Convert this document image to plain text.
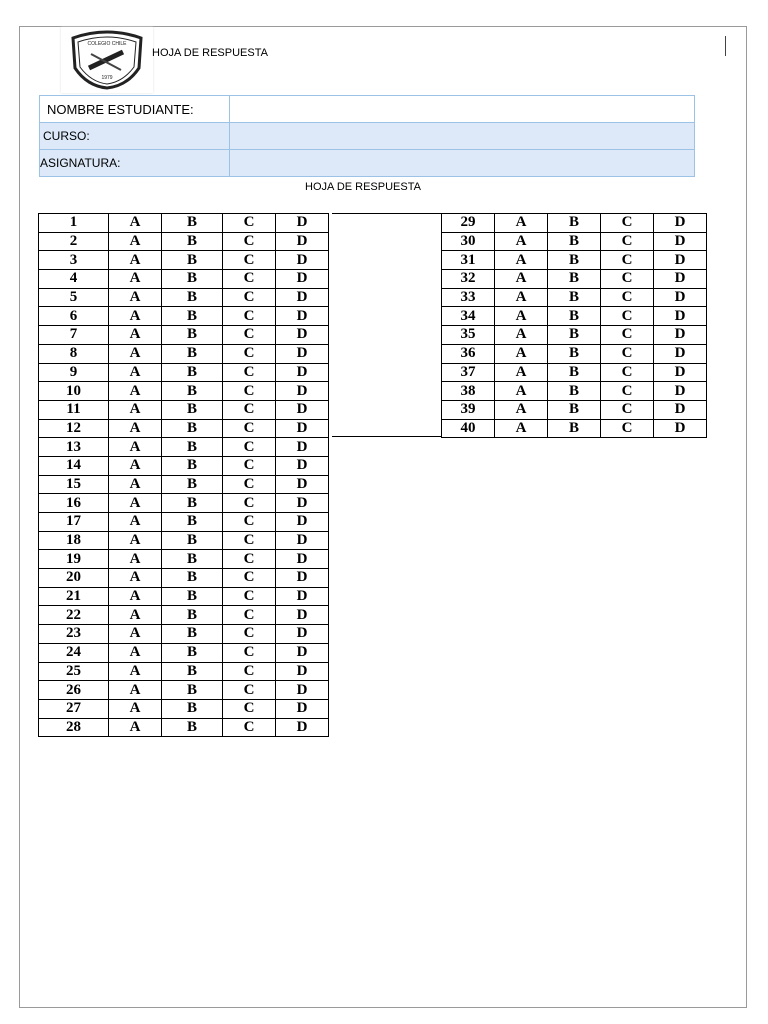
COLEGIO CHILE
1979
HOJA DE RESPUESTA
NOMBRE ESTUDIANTE:	
CURSO:	
ASIGNATURA:	
HOJA DE RESPUESTA
1	A	B	C	D
2	A	B	C	D
3	A	B	C	D
4	A	B	C	D
5	A	B	C	D
6	A	B	C	D
7	A	B	C	D
8	A	B	C	D
9	A	B	C	D
10	A	B	C	D
11	A	B	C	D
12	A	B	C	D
13	A	B	C	D
14	A	B	C	D
15	A	B	C	D
16	A	B	C	D
17	A	B	C	D
18	A	B	C	D
19	A	B	C	D
20	A	B	C	D
21	A	B	C	D
22	A	B	C	D
23	A	B	C	D
24	A	B	C	D
25	A	B	C	D
26	A	B	C	D
27	A	B	C	D
28	A	B	C	D
29	A	B	C	D
30	A	B	C	D
31	A	B	C	D
32	A	B	C	D
33	A	B	C	D
34	A	B	C	D
35	A	B	C	D
36	A	B	C	D
37	A	B	C	D
38	A	B	C	D
39	A	B	C	D
40	A	B	C	D
